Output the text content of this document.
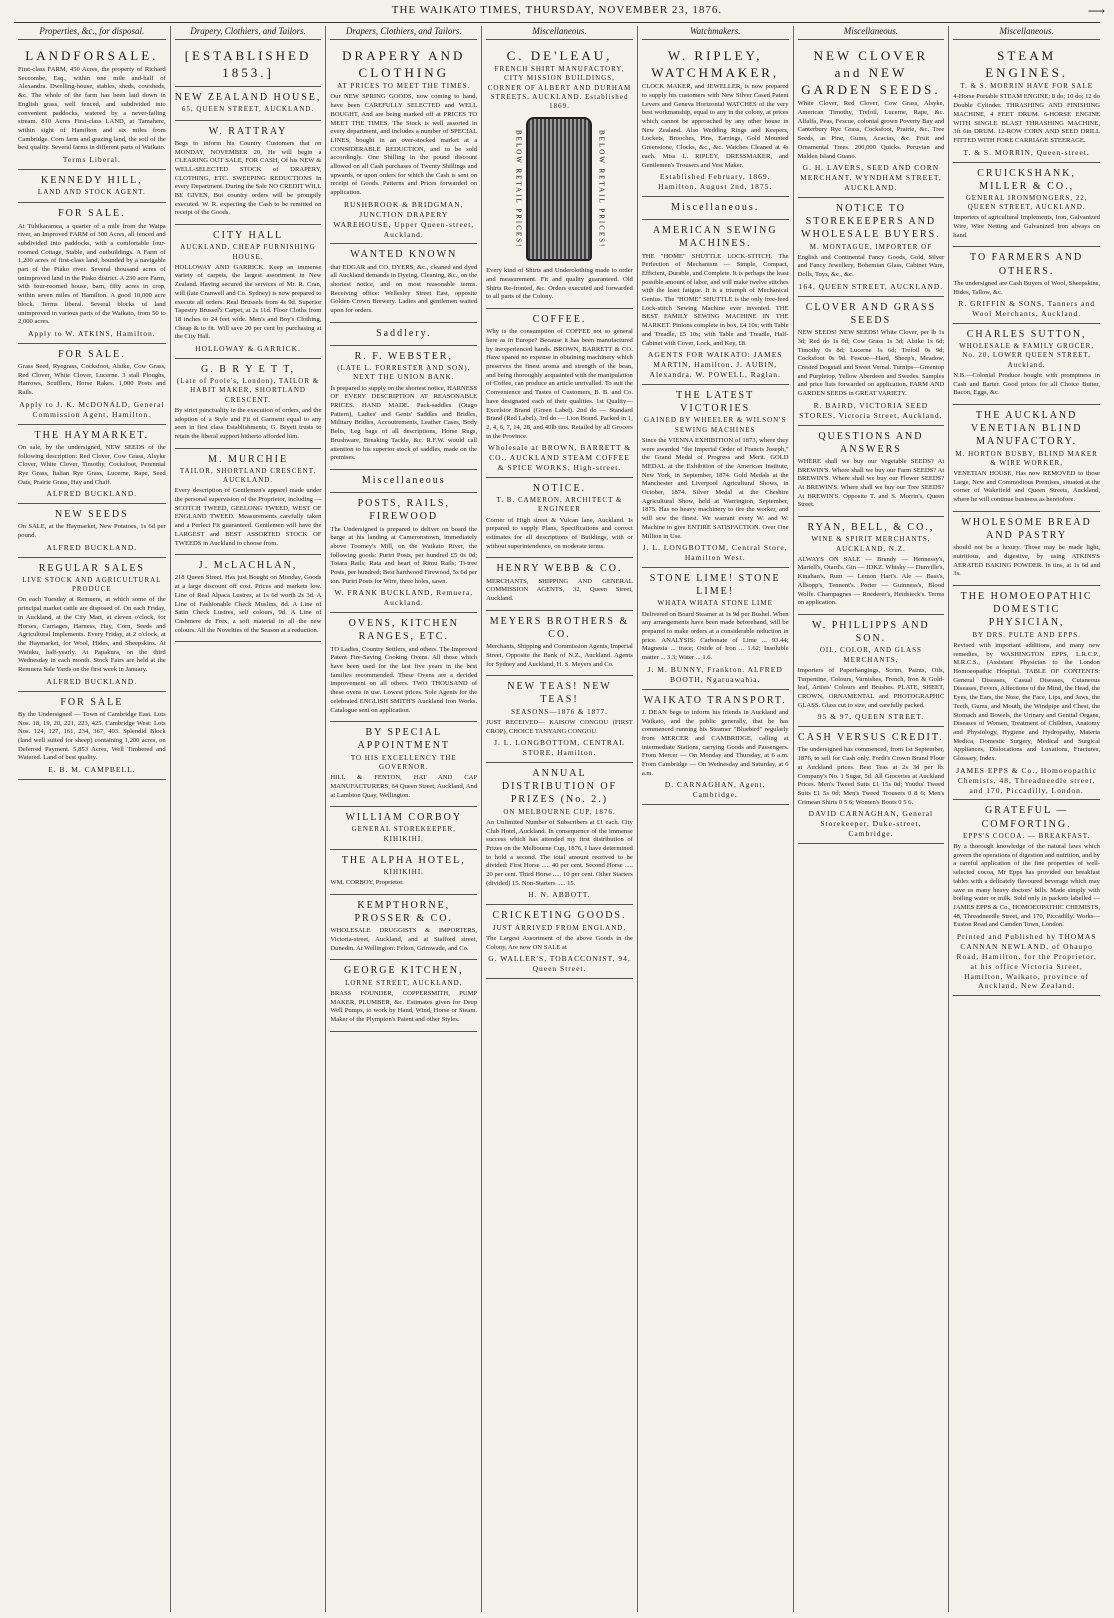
THE WAIKATO TIMES, THURSDAY, NOVEMBER 23, 1876.	⟶
Properties, &c., for disposal.
LANDFORSALE.
First-class FARM, 450 Acres, the property of Richard Seccombe, Esq., within one mile and-half of Alexandra. Dwelling-house, stables, sheds, cowsheds, &c. The whole of the farm has been laid down in English grass, well fenced, and subdivided into convenient paddocks, watered by a never-failing stream. 810 Acres First-class LAND, at Tamahere, within sight of Hamilton and six miles from Cambridge. Corn farm and grazing land, the soil of the best quality. Several farms in different parts of Waikato.
Terms Liberal.
KENNEDY HILL,
LAND AND STOCK AGENT.
FOR SALE.
At Tuhikaramea, a quarter of a mile from the Waipa river, an Improved FARM of 300 Acres, all fenced and subdivided into paddocks, with a comfortable four-roomed Cottage, Stable, and outbuildings. A Farm of 1,200 acres of first-class land, bounded by a navigable part of the Piako river. Several thousand acres of unimproved land in the Piako district. A 230 acre Farm, with four-roomed house, barn, fifty acres in crop, within seven miles of Hamilton. A good 10,000 acre block. Terms liberal. Several blocks of land unimproved in various parts of the Waikato, from 50 to 2,000 acres.
Apply to W. ATKINS, Hamilton.
FOR SALE.
Grass Seed, Ryegrass, Cocksfoot, Alsike, Cow Grass, Red Clover, White Clover, Lucerne. 3 stall Ploughs, Harrows, Scufflers, Horse Rakes. 1,000 Posts and Rails.
Apply to J. K. McDONALD, General Commission Agent, Hamilton.
THE HAYMARKET.
On sale, by the undersigned, NEW SEEDS of the following description: Red Clover, Cow Grass, Alsyke Clover, White Clover, Timothy, Cocksfoot, Perennial Rye Grass, Italian Rye Grass, Lucerne, Rape, Seed Oats, Prairie Grass, Hay and Chaff.
ALFRED BUCKLAND.
NEW SEEDS
On SALE, at the Haymarket, New Potatoes, 1s 6d per pound.
ALFRED BUCKLAND.
REGULAR SALES
LIVE STOCK AND AGRICULTURAL PRODUCE
On each Tuesday at Remuera, at which some of the principal market cattle are disposed of. On each Friday, in Auckland, at the City Mart, at eleven o'clock, for Horses, Carriages, Harness, Hay, Corn, Seeds and Agricultural Implements. Every Friday, at 2 o'clock, at the Haymarket, for Wool, Hides, and Sheepskins. At Waiuku, half-yearly. At Papakura, on the third Wednesday in each month. Stock Fairs are held at the Remuera Sale Yards on the first week in January.
ALFRED BUCKLAND.
FOR SALE
By the Undersigned — Town of Cambridge East. Lots Nos. 18, 19, 20, 221, 223, 425. Cambridge West: Lots Nos. 124, 127, 161, 234, 367, 403. Splendid Block (land well suited for sheep) containing 1,200 acres, on Deferred Payment. 5,853 Acres, Well Timbered and Watered. Land of best quality.
E. B. M. CAMPBELL.
Drapery, Clothiers, and Tailors.
[ESTABLISHED 1853.]
NEW ZEALAND HOUSE,
65, QUEEN STREET, AUCKLAND.
W. RATTRAY
Begs to inform his Country Customers that on MONDAY, NOVEMBER 20, He will begin a CLEARING OUT SALE, FOR CASH, Of his NEW & WELL-SELECTED STOCK of DRAPERY, CLOTHING, ETC. SWEEPING REDUCTIONS In every Department. During the Sale NO CREDIT WILL BE GIVEN, But country orders will be promptly executed. W. R. expecting the Cash to be remitted on receipt of the Goods.
CITY HALL
AUCKLAND. CHEAP FURNISHING HOUSE.
HOLLOWAY AND GARRICK. Keep an immense variety of carpets, the largest assortment in New Zealand. Having secured the services of Mr. R. Cran, will (late Cranwell and Co. Sydney) is now prepared to execute all orders. Real Brussels from 4s 9d. Superior Tapestry Brussel's Carpet, at 2s 11d. Floor Cloths from 18 inches to 24 feet wide. Men's and Boy's Clothing, Cheap & to fit. Will save 20 per cent by purchasing at the City Hall.
HOLLOWAY & GARRICK.
G. B R Y E T T,
(Late of Poole's, London), TAILOR & HABIT MAKER, SHORTLAND CRESCENT.
By strict punctuality in the execution of orders, and the adoption of a Style and Fit of Garment equal to any seen in first class Establishments, G. Bryett trusts to retain the liberal support hitherto afforded him.
M. MURCHIE
TAILOR, SHORTLAND CRESCENT, AUCKLAND.
Every description of Gentlemen's apparel made under the personal supervision of the Proprietor, including — SCOTCH TWEED, GEELONG TWEED, WEST OF ENGLAND TWEED. Measurements carefully taken and a Perfect Fit guaranteed. Gentlemen will have the LARGEST and BEST ASSORTED STOCK OF TWEEDS in Auckland to choose from.
J. McLACHLAN,
218 Queen Street. Has just Bought on Monday, Goods at a large discount off cost. Prices and markets low. Line of Real Alpaca Lustres, at 1s 6d worth 2s 3d. A Line of Fashionable Check Muslins, 8d. A Line of Satin Check Lustres, self colours, 9d. A Line of Cashmere de Foix, a soft material in all the new colours. All the Novelties of the Season at a reduction.
Drapers, Clothiers, and Tailors.
DRAPERY AND CLOTHING
AT PRICES TO MEET THE TIMES.
Our NEW SPRING GOODS, now coming to hand, have been CAREFULLY SELECTED and WELL BOUGHT, And are being marked off at PRICES TO MEET THE TIMES. The Stock is well assorted in every department, and includes a number of SPECIAL LINES, bought in an over-stocked market at a CONSIDERABLE REDUCTION, and to be sold accordingly. One Shilling in the pound discount allowed on all Cash purchases of Twenty Shillings and upwards, or upon orders for which the Cash is sent on receipt of Goods. Patterns and Prices forwarded on application.
RUSHBROOK & BRIDGMAN, JUNCTION DRAPERY WAREHOUSE, Upper Queen-street, Auckland.
WANTED KNOWN
that EDGAR and CO. DYERS, &c., cleaned and dyed all Auckland demands in Dyeing, Cleaning, &c., on the shortest notice, and on most reasonable terms. Receiving office: Wellesley Street East, opposite Golden Crown Brewery. Ladies and gentlemen waited upon for orders.
Saddlery.
R. F. WEBSTER,
(LATE L. FORRESTER AND SON), NEXT THE UNION BANK.
Is prepared to supply on the shortest notice, HARNESS OF EVERY DESCRIPTION AT REASONABLE PRICES. HAND MADE. Pack-saddles (Otago Pattern), Ladies' and Gents' Saddles and Bridles, Military Bridles, Accoutrements, Leather Cases, Body Belts, Leg bags of all descriptions, Horse Rugs, Brushware, Breaking Tackle, &c. R.F.W. would call attention to his superior stock of saddles, made on the premises.
Miscellaneous
POSTS, RAILS, FIREWOOD
The Undersigned is prepared to deliver on board the barge at his landing at Cameronstown, immediately above Toomey's Mill, on the Waikato River, the following goods: Puriri Posts, per hundred £5 0s 0d; Totara Rails; Rata and heart of Rimu Rails; Ti-tree Posts, per hundred; Best hardwood Firewood, 5s 6d per ton. Puriri Posts for Wire, three holes, sawn.
W. FRANK BUCKLAND, Remuera, Auckland.
OVENS, KITCHEN RANGES, ETC.
TO Ladies, Country Settlers, and others. The Improved Patent Fire-Saving Cooking Ovens. All those which have been used for the last five years in the best families recommended. These Ovens are a decided improvement on all others. TWO THOUSAND of these ovens in use. Lowest prices. Sole Agents for the celebrated ENGLISH SMITH'S Auckland Iron Works. Catalogue sent on application.
BY SPECIAL APPOINTMENT
TO HIS EXCELLENCY THE GOVERNOR.
HILL & FENTON, HAT AND CAP MANUFACTURERS, 64 Queen Street, Auckland, And at Lambton Quay, Wellington.
WILLIAM CORBOY
GENERAL STOREKEEPER, KIHIKIHI.
THE ALPHA HOTEL,
KIHIKIHI.
WM. CORBOY, Proprietor.
KEMPTHORNE, PROSSER & CO.
WHOLESALE DRUGGISTS & IMPORTERS, Victoria-street, Auckland, and at Stafford street, Dunedin. At Wellington: Felton, Grimwade, and Co.
GEORGE KITCHEN,
LORNE STREET, AUCKLAND,
BRASS FOUNDER, COPPERSMITH, PUMP MAKER, PLUMBER, &c. Estimates given for Deep Well Pumps, to work by Hand, Wind, Horse or Steam. Maker of the Plympton's Patent and other Styles.
Miscellaneous.
C. DE'LEAU,
FRENCH SHIRT MANUFACTORY, CITY MISSION BUILDINGS, CORNER OF ALBERT AND DURHAM STREETS, AUCKLAND. Established 1869.
BELOW RETAIL PRICES!	BELOW RETAIL PRICES!
Every kind of Shirts and Underclothing made to order and measurement. Fit and quality guaranteed. Old Shirts Re-fronted, &c. Orders executed and forwarded to all parts of the Colony.
COFFEE.
Why is the consumption of COFFEE not so general here as in Europe? Because it has been manufactured by inexperienced hands. BROWN, BARRETT & CO. Have spared no expense in obtaining machinery which preserves the finest aroma and strength of the bean, and being thoroughly acquainted with the manipulation of Coffee, can produce an article unrivalled. To suit the Convenience and Tastes of Customers, B. B. and Co. have designated each of their qualities. 1st Quality—Excelsior Brand (Green Label). 2nd do — Standard Brand (Red Label). 3rd do — Lion Brand. Packed in 1, 2, 4, 6, 7, 14, 28, and 40lb tins. Retailed by all Grocers in the Province.
Wholesale at BROWN, BARRETT & CO., AUCKLAND STEAM COFFEE & SPICE WORKS, High-street.
NOTICE.
T. B. CAMERON, ARCHITECT & ENGINEER
Corner of High street & Vulcan lane, Auckland. Is prepared to supply Plans, Specifications and correct estimates for all descriptions of Buildings, with or without superintendence, on moderate terms.
HENRY WEBB & CO.
MERCHANTS, SHIPPING AND GENERAL COMMISSION AGENTS, 32, Queen Street, Auckland.
MEYERS BROTHERS & CO.
Merchants, Shipping and Commission Agents, Imperial Street, Opposite the Bank of N.Z., Auckland. Agents for Sydney and Auckland, H. S. Meyers and Co.
NEW TEAS! NEW TEAS!
SEASONS—1876 & 1877.
JUST RECEIVED— KAISOW CONGOU (FIRST CROP), CHOICE TANYANG CONGOU.
J. L. LONGBOTTOM, CENTRAL STORE, Hamilton.
ANNUAL DISTRIBUTION OF PRIZES (No. 2.)
ON MELBOURNE CUP, 1876.
An Unlimited Number of Subscribers at £1 each. City Club Hotel, Auckland. In consequence of the immense success which has attended my first distribution of Prizes on the Melbourne Cup, 1876, I have determined to hold a second. The total amount received to be divided: First Horse ..... 40 per cent. Second Horse ..... 20 per cent. Third Horse ..... 10 per cent. Other Starters (divided) 15. Non-Starters ..... 15.
H. N. ABBOTT.
CRICKETING GOODS.
JUST ARRIVED FROM ENGLAND,
The Largest Assortment of the above Goods in the Colony, Are now ON SALE at
G. WALLER'S, TOBACCONIST, 94, Queen Street.
Watchmakers.
W. RIPLEY, WATCHMAKER,
CLOCK MAKER, and JEWELLER, is now prepared to supply his customers with New Silver Cased Patent Levers and Geneva Horizontal WATCHES of the very best workmanship, equal to any in the colony, at prices which cannot be approached by any other house in New Zealand. Also Wedding Rings and Keepers, Lockets, Brooches, Pins, Earrings, Gold Mounted Greenstone, Clocks, &c., &c. Watches Cleaned at 4s each. Miss L. RIPLEY, DRESSMAKER, and Gentlemen's Trousers and Vest Maker.
Established February, 1869. Hamilton, August 2nd, 1875.
Miscellaneous.
AMERICAN SEWING MACHINES.
THE "HOME" SHUTTLE LOCK-STITCH. The Perfection of Mechanism — Simple, Compact, Efficient, Durable, and Complete. It is perhaps the least possible amount of labor, and will make twelve stitches with the least fatigue. It is a triumph of Mechanical Genius. The "HOME" SHUTTLE is the only free-feed Lock-stitch Sewing Machine ever invented. THE BEST FAMILY SEWING MACHINE IN THE MARKET. Pinions complete in box, £4 10s; with Table and Treadle, £5 10s; with Table and Treadle, Half-Cabinet with Cover, Lock, and Key, £8.
AGENTS FOR WAIKATO: JAMES MARTIN, Hamilton. J. AUBIN, Alexandra. W. POWELL, Raglan.
THE LATEST VICTORIES
GAINED BY WHEELER & WILSON'S SEWING MACHINES
Since the VIENNA EXHIBITION of 1873, where they were awarded "the Imperial Order of Francis Joseph," the Grand Medal of Progress and Merit. GOLD MEDAL at the Exhibition of the American Institute, New York, in September, 1874. Gold Medals at the Manchester and Liverpool Agricultural Shows, in October, 1874. Silver Medal at the Cheshire Agricultural Show, held at Warrington, September, 1875. Has no heavy machinery to tire the worker, and will sew the finest. We warrant every W. and W. Machine to give ENTIRE SATISFACTION. Over One Million in Use.
J. L. LONGBOTTOM, Central Store, Hamilton West.
STONE LIME! STONE LIME!
WHATA WHATA STONE LIME
Delivered on Board Steamer at 1s 9d per Bushel. When any arrangements have been made beforehand, will be prepared to make orders at a considerable reduction in price. ANALYSIS: Carbonate of Lime ... 93.44; Magnesia ... trace; Oxide of Iron ... 1.62; Insoluble matter ... 3.3; Water ... 1.6.
J. M. BUNNY, Frankton. ALFRED BOOTH, Ngaruawahia.
WAIKATO TRANSPORT.
J. DEAN begs to inform his friends in Auckland and Waikato, and the public generally, that he has commenced running his Steamer "Bluebird" regularly from MERCER and CAMBRIDGE, calling at intermediate Stations, carrying Goods and Passengers. From Mercer — On Monday and Thursday, at 6 a.m. From Cambridge — On Wednesday and Saturday, at 6 a.m.
D. CARNAGHAN, Agent, Cambridge.
Miscellaneous.
NEW CLOVER and NEW GARDEN SEEDS.
White Clover, Red Clover, Cow Grass, Alsyke, American Timothy, Trefoil, Lucerne, Rape, &c. Alfalfa, Peas, Fescue, colonial grown Poverty Bay and Canterbury Rye Grass, Cocksfoot, Prairie, &c. Tree Seeds, as Pine, Gums, Acacias, &c. Fruit and Ornamental Trees. 200,000 Quicks. Peruvian and Malden Island Guano.
G. H. LAVERS, SEED AND CORN MERCHANT, WYNDHAM STREET, AUCKLAND.
NOTICE TO STOREKEEPERS AND WHOLESALE BUYERS.
M. MONTAGUE, IMPORTER OF
English and Continental Fancy Goods, Gold, Silver and Fancy Jewellery, Bohemian Glass, Cabinet Ware, Dolls, Toys, &c., &c.
164, QUEEN STREET, AUCKLAND.
CLOVER AND GRASS SEEDS
NEW SEEDS! NEW SEEDS! White Clover, per lb 1s 3d; Red do 1s 0d; Cow Grass 1s 3d; Alsike 1s 6d; Timothy 0s 8d; Lucerne 1s 6d; Trefoil 0s 9d; Cocksfoot 0s 9d. Fescue—Hard, Sheep's, Meadow, Crested Dogstail and Sweet Vernal. Turnips—Greentop and Purpletop, Yellow Aberdeen and Swedes. Samples and price lists forwarded on application. FARM AND GARDEN SEEDS in GREAT VARIETY.
R. BAIRD, VICTORIA SEED STORES, Victoria Street, Auckland.
QUESTIONS AND ANSWERS
WHERE shall we buy our Vegetable SEEDS? At BREWIN'S. Where shall we buy our Farm SEEDS? At BREWIN'S. Where shall we buy our Flower SEEDS? At BREWIN'S. Where shall we buy our Tree SEEDS? At BREWIN'S. Opposite T. and S. Morrin's, Queen Street.
RYAN, BELL, & CO.,
WINE & SPIRIT MERCHANTS, AUCKLAND, N.Z.
ALWAYS ON SALE — Brandy — Hennessy's, Martell's, Otard's. Gin — JDKZ. Whisky — Dunville's, Kinahan's. Rum — Lemon Hart's. Ale — Bass's, Allsopp's, Tennent's. Porter — Guinness's, Blood Wolfe. Champagnes — Roederer's, Heidsieck's. Terms on application.
W. PHILLIPPS AND SON.
OIL, COLOR, AND GLASS MERCHANTS,
Importers of Paperhangings, Scrim, Paints, Oils, Turpentine, Colours, Varnishes, French, Iron & Gold-leaf, Artists' Colours and Brushes. PLATE, SHEET, CROWN, ORNAMENTAL and PHOTOGRAPHIC GLASS. Glass cut to size, and carefully packed.
95 & 97, QUEEN STREET.
CASH VERSUS CREDIT.
The undersigned has commenced, from 1st September, 1876, to sell for Cash only. Forth's Crown Brand Flour at Auckland prices. Best Teas at 2s 3d per lb. Company's No. 1 Sugar, 5d. All Groceries at Auckland Prices. Men's Tweed Suits £1 15s 0d; Youths' Tweed Suits £1 5s 0d; Men's Tweed Trousers 0 8 6; Men's Crimean Shirts 0 5 6; Women's Boots 0 5 6.
DAVID CARNAGHAN, General Storekeeper, Duke-street, Cambridge.
Miscellaneous.
STEAM ENGINES.
T. & S. MORRIN HAVE FOR SALE
4-Horse Portable STEAM ENGINE; 8 do; 10 do; 12 do Double Cylinder. THRASHING AND FINISHING MACHINE, 4 FEET DRUM. 6-HORSE ENGINE WITH SINGLE BLAST THRASHING MACHINE, 3ft 6in DRUM. 12-ROW CORN AND SEED DRILL FITTED WITH FORE CARRIAGE STEERAGE.
T. & S. MORRIN, Queen-street.
CRUICKSHANK, MILLER & CO.,
GENERAL IRONMONGERS, 22, QUEEN STREET, AUCKLAND.
Importers of agricultural Implements, Iron, Galvanized Wire, Wire Netting and Galvanized Iron always on hand.
TO FARMERS AND OTHERS.
The undersigned are Cash Buyers of Wool, Sheepskins, Hides, Tallow, &c.
R. GRIFFIN & SONS, Tanners and Wool Merchants, Auckland.
CHARLES SUTTON,
WHOLESALE & FAMILY GROCER, No. 20, LOWER QUEEN STREET, Auckland.
N.B.—Colonial Produce bought with promptness in Cash and Barter. Good prices for all Choice Butter, Bacon, Eggs, &c.
THE AUCKLAND VENETIAN BLIND MANUFACTORY.
M. HORTON BUSBY, BLIND MAKER & WIRE WORKER,
VENETIAN HOUSE, Has now REMOVED to those Large, New and Commodious Premises, situated at the corner of Wakefield and Queen Streets, Auckland, where he will continue business as heretofore.
WHOLESOME BREAD AND PASTRY
should not be a luxury. Those may be made light, nutritious, and digestive, by using ATKINS'S AERATED BAKING POWDER. In tins, at 1s 6d and 3s.
THE HOMOEOPATHIC DOMESTIC PHYSICIAN,
BY DRS. PULTE AND EPPS.
Revised with important additions, and many new remedies, by WASHINGTON EPPS, L.R.C.P., M.R.C.S., (Assistant Physician to the London Homoeopathic Hospital. TABLE OF CONTENTS: General Diseases, Casual Diseases, Cutaneous Diseases, Fevers, Affections of the Mind, the Head, the Eyes, the Ears, the Nose, the Face, Lips, and Jaws, the Teeth, Gums, and Mouth, the Windpipe and Chest, the Stomach and Bowels, the Urinary and Genital Organs, Diseases of Women, Treatment of Children, Anatomy and Physiology, Hygiene and Hydropathy, Materia Medica, Domestic Surgery, Medical and Surgical Appliances, Dislocations and Luxations, Fractures, Glossary, Index.
JAMES EPPS & Co., Homoeopathic Chemists, 48, Threadneedle street, and 170, Piccadilly, London.
GRATEFUL — COMFORTING.
EPPS'S COCOA. — BREAKFAST.
By a thorough knowledge of the natural laws which govern the operations of digestion and nutrition, and by a careful application of the fine properties of well-selected cocoa, Mr Epps has provided our breakfast tables with a delicately flavoured beverage which may save us many heavy doctors' bills. Made simply with boiling water or milk. Sold only in packets labelled — JAMES EPPS & Co., HOMOEOPATHIC CHEMISTS, 48, Threadneedle Street, and 170, Piccadilly. Works—Euston Road and Camden Town, London.
Printed and Published by THOMAS CANNAN NEWLAND, of Ohaupo Road, Hamilton, for the Proprietor, at his office Victoria Street, Hamilton, Waikato, province of Auckland, New Zealand.
